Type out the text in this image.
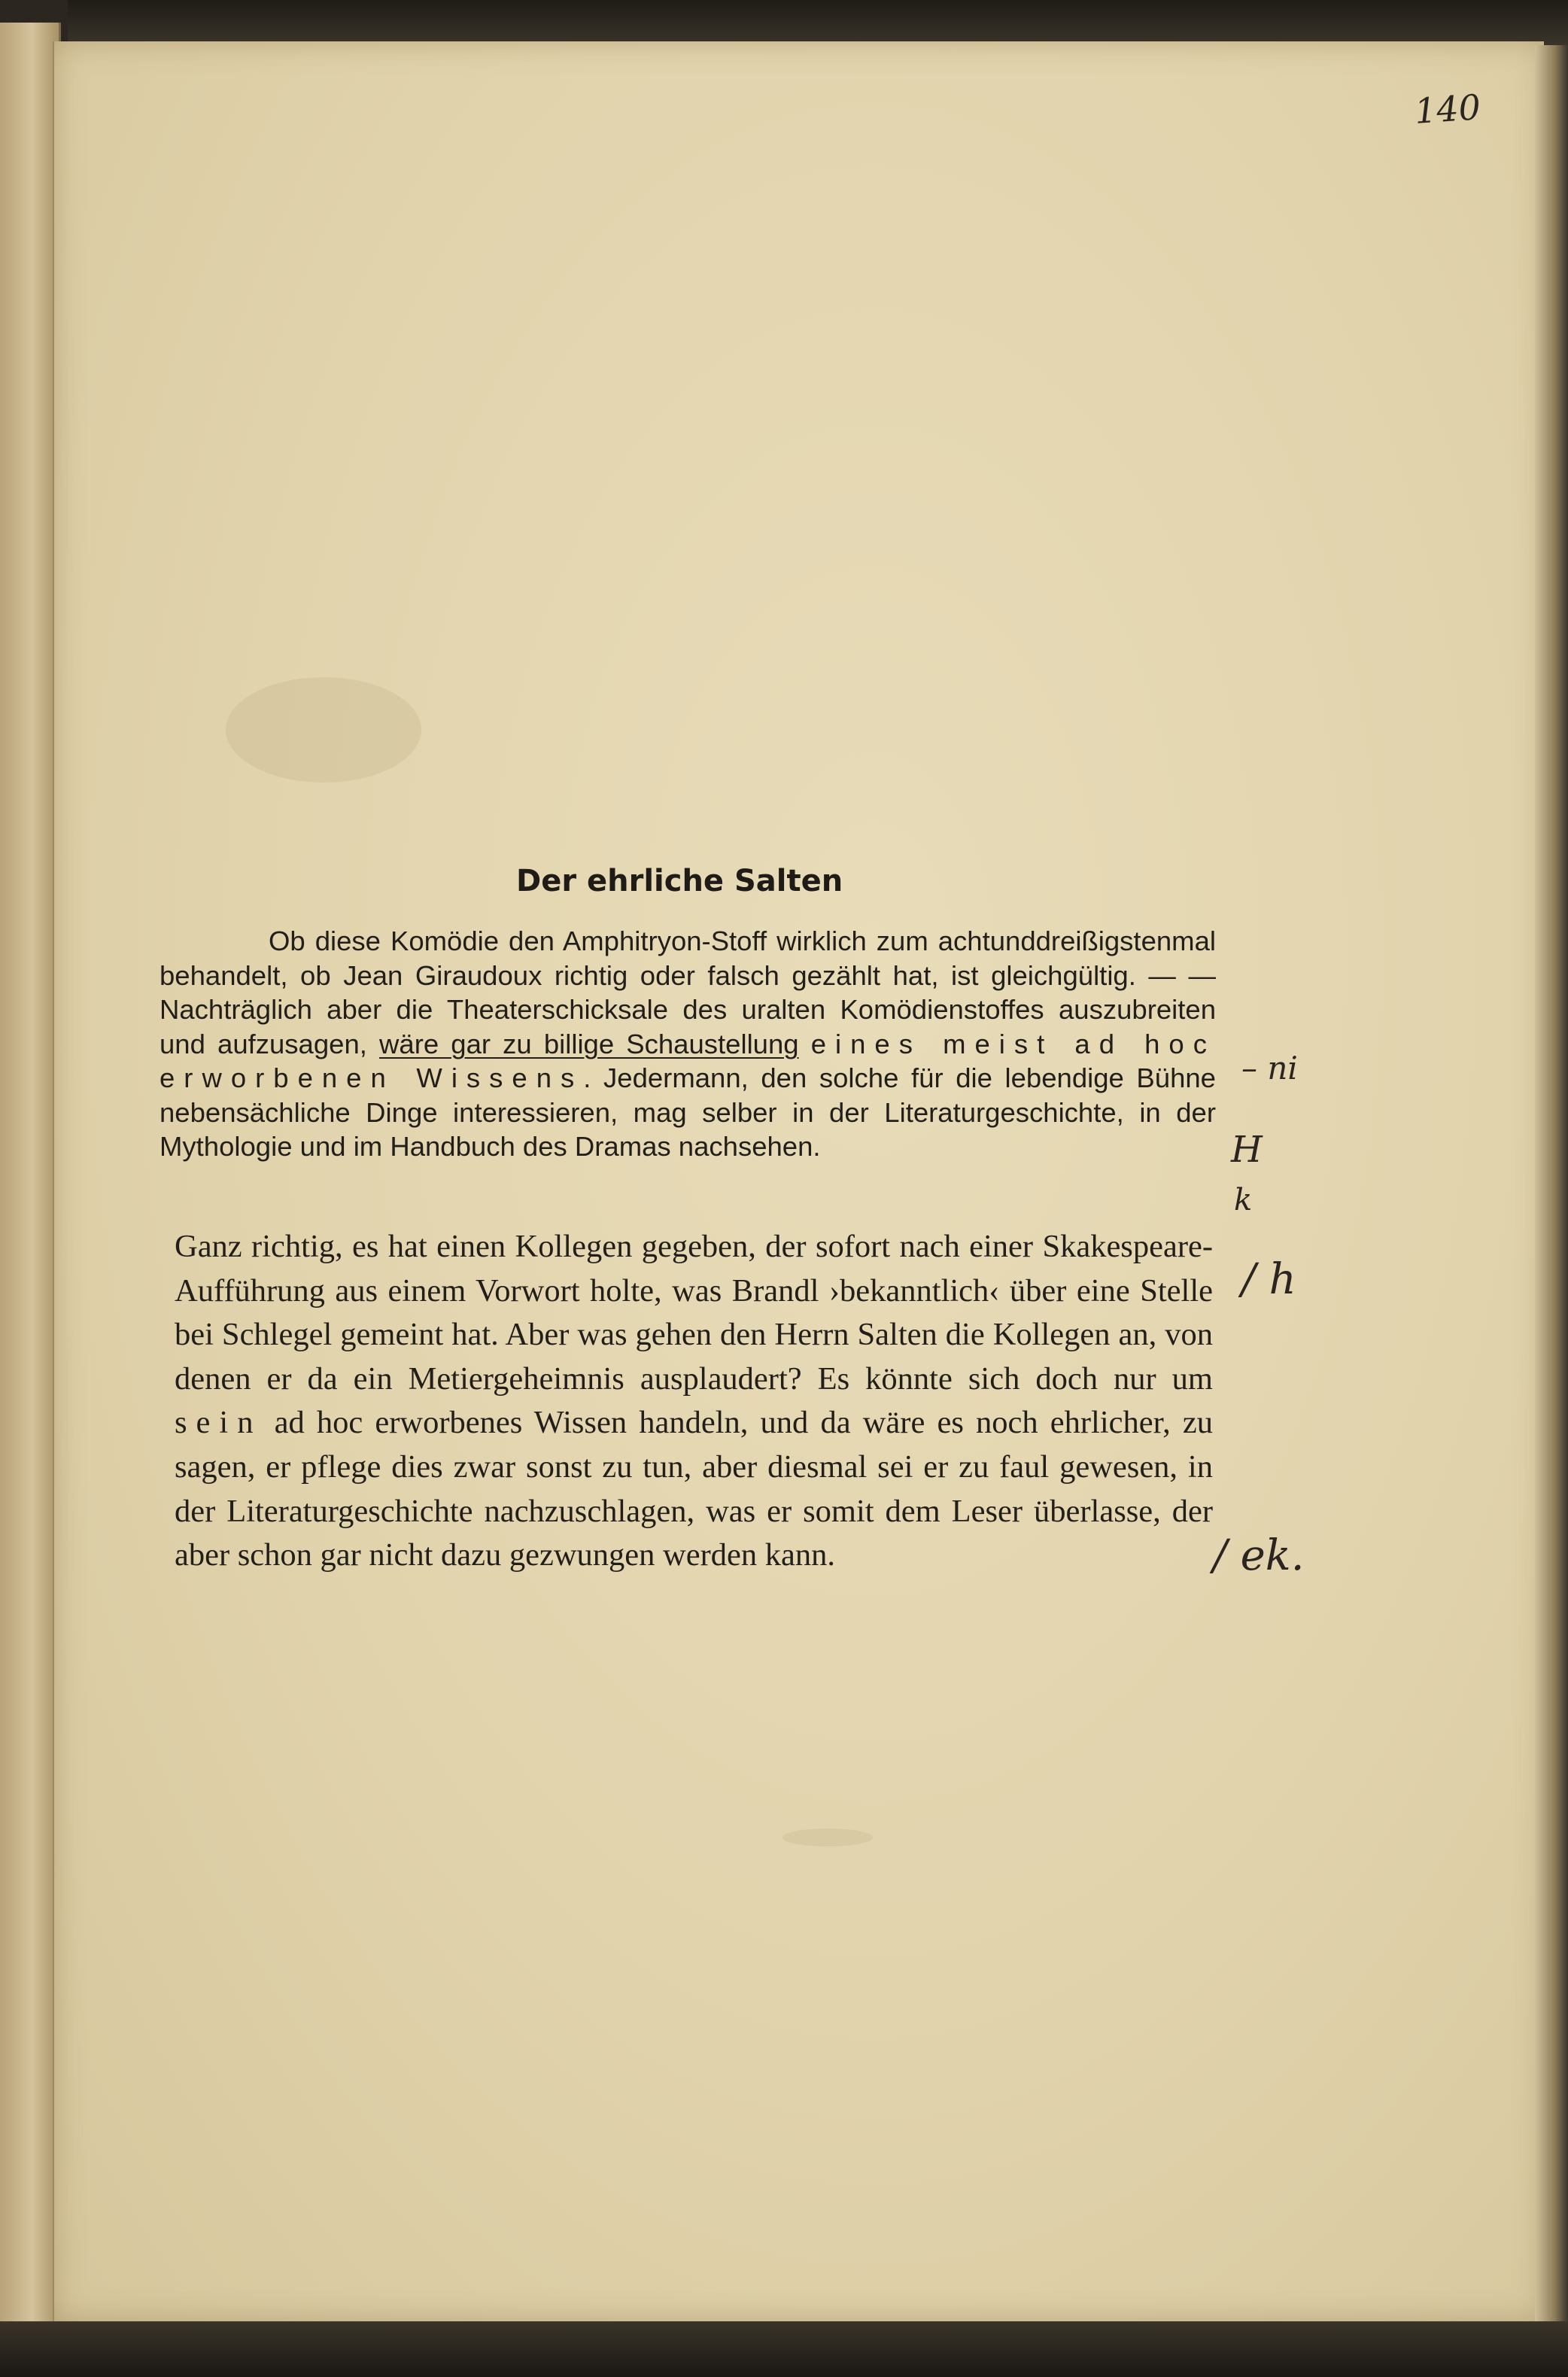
140
Der ehrliche Salten
Ob diese Komödie den Amphitryon-Stoff wirklich zum achtunddreißigstenmal behandelt, ob Jean Giraudoux richtig oder falsch gezählt hat, ist gleichgültig. — — Nachträglich aber die Theaterschicksale des uralten Komödienstoffes auszubreiten und aufzusagen, wäre gar zu billige Schaustellung eines meist ad hoc erworbenen Wissens. Jedermann, den solche für die lebendige Bühne nebensächliche Dinge interessieren, mag selber in der Literaturgeschichte, in der Mythologie und im Handbuch des Dramas nachsehen.
Ganz richtig, es hat einen Kollegen gegeben, der sofort nach einer Skakespeare-Aufführung aus einem Vorwort holte, was Brandl ›bekanntlich‹ über eine Stelle bei Schlegel gemeint hat. Aber was gehen den Herrn Salten die Kollegen an, von denen er da ein Metiergeheimnis ausplaudert? Es könnte sich doch nur um sein ad hoc erworbenes Wissen handeln, und da wäre es noch ehrlicher, zu sagen, er pflege dies zwar sonst zu tun, aber diesmal sei er zu faul gewesen, in der Literaturgeschichte nachzuschlagen, was er somit dem Leser überlasse, der aber schon gar nicht dazu gezwungen werden kann.
– ni
H
k
/ h
/ ek.
